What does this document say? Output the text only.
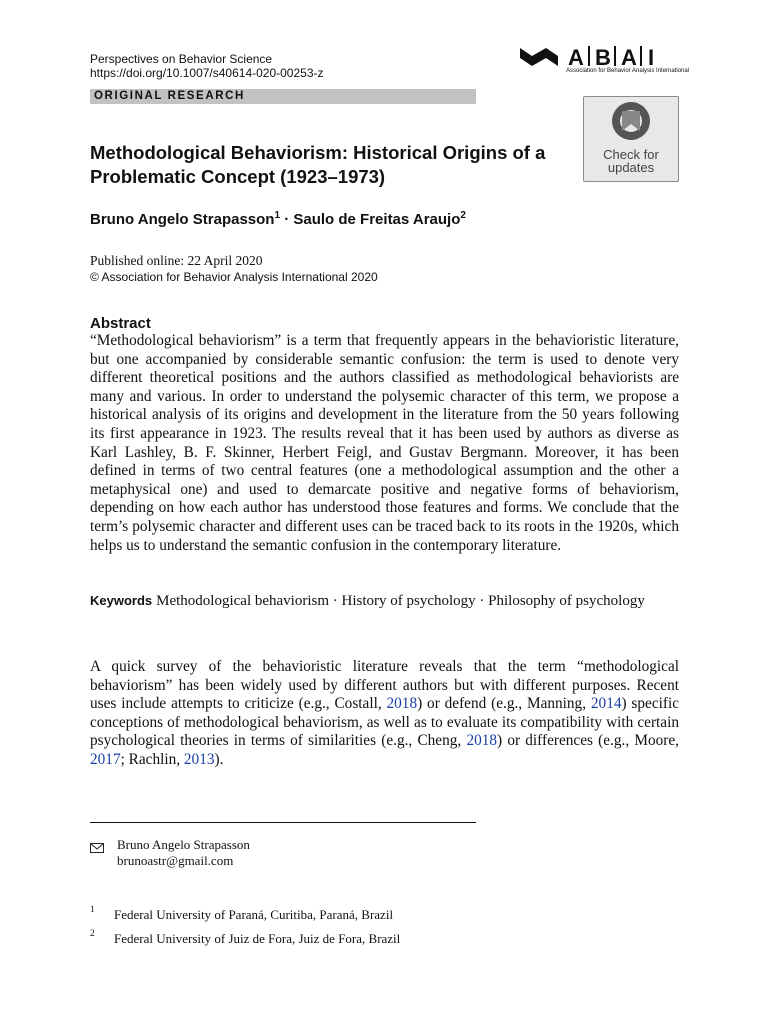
Perspectives on Behavior Science
https://doi.org/10.1007/s40614-020-00253-z
ORIGINAL RESEARCH
A B A I
Association for Behavior Analysis International
Check for updates
Methodological Behaviorism: Historical Origins of a Problematic Concept (1923–1973)
Bruno Angelo Strapasson$^1$ · Saulo de Freitas Araujo$^2$
Published online: 22 April 2020
© Association for Behavior Analysis International 2020
Abstract
“Methodological behaviorism” is a term that frequently appears in the behavioristic literature, but one accompanied by considerable semantic confusion: the term is used to denote very different theoretical positions and the authors classified as methodological behaviorists are many and various. In order to understand the polysemic character of this term, we propose a historical analysis of its origins and development in the literature from the 50 years following its first appearance in 1923. The results reveal that it has been used by authors as diverse as Karl Lashley, B. F. Skinner, Herbert Feigl, and Gustav Bergmann. Moreover, it has been defined in terms of two central features (one a methodological assumption and the other a metaphysical one) and used to demarcate positive and negative forms of behaviorism, depending on how each author has understood those features and forms. We conclude that the term’s polysemic character and different uses can be traced back to its roots in the 1920s, which helps us to understand the semantic confusion in the contemporary literature.
Keywords Methodological behaviorism · History of psychology · Philosophy of psychology
A quick survey of the behavioristic literature reveals that the term “methodological behaviorism” has been widely used by different authors but with different purposes. Recent uses include attempts to criticize (e.g., Costall, 2018) or defend (e.g., Manning, 2014) specific conceptions of methodological behaviorism, as well as to evaluate its compatibility with certain psychological theories in terms of similarities (e.g., Cheng, 2018) or differences (e.g., Moore, 2017; Rachlin, 2013).
Bruno Angelo Strapasson
brunoastr@gmail.com
1 Federal University of Paraná, Curitiba, Paraná, Brazil
2 Federal University of Juiz de Fora, Juiz de Fora, Brazil
